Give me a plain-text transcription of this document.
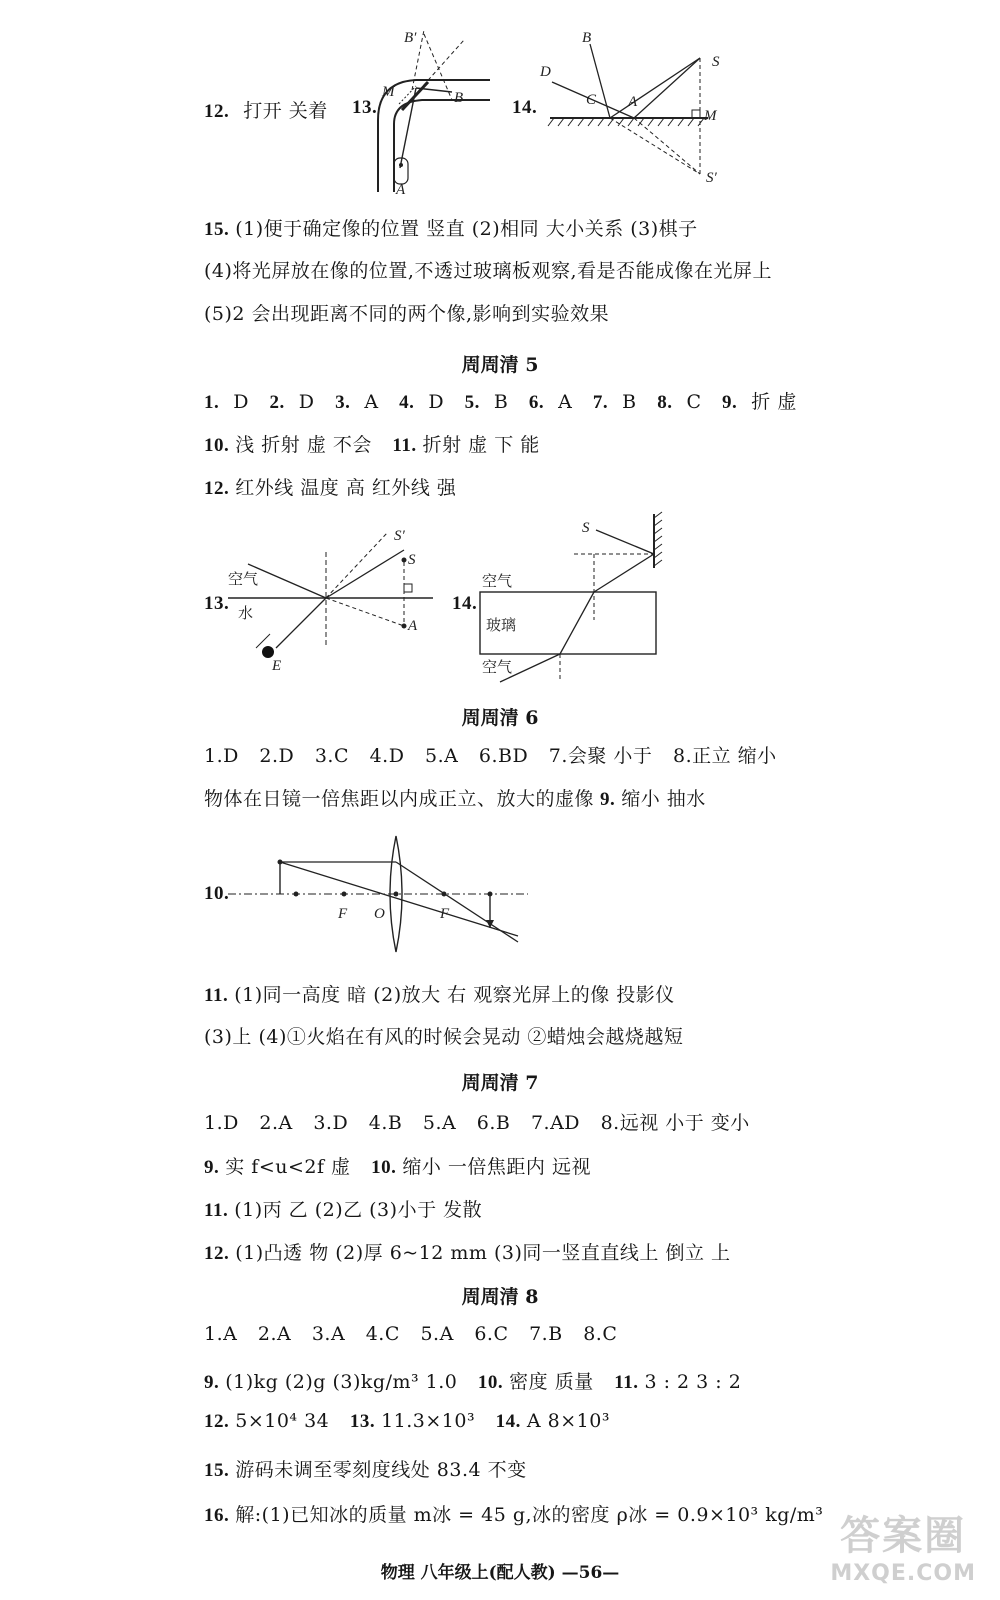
12. 打开 关着	13.
B′
M	B
A
14.
B
D
C A
S
M
S′
15. (1)便于确定像的位置 竖直 (2)相同 大小关系 (3)棋子
(4)将光屏放在像的位置,不透过玻璃板观察,看是否能成像在光屏上
(5)2 会出现距离不同的两个像,影响到实验效果
周周清 5
1. D 2. D 3. A 4. D 5. B 6. A 7. B 8. C 9. 折 虚
10. 浅 折射 虚 不会 11. 折射 虚 下 能
12. 红外线 温度 高 红外线 强
13.
空气
水
S′
S
A
E
14.
S
空气
玻璃
空气
周周清 6
1.D 2.D 3.C 4.D 5.A 6.BD 7.会聚 小于 8.正立 缩小
物体在日镜一倍焦距以内成正立、放大的虚像 9. 缩小 抽水
10.
F O	F
11. (1)同一高度 暗 (2)放大 右 观察光屏上的像 投影仪
(3)上 (4)①火焰在有风的时候会晃动 ②蜡烛会越烧越短
周周清 7
1.D 2.A 3.D 4.B 5.A 6.B 7.AD 8.远视 小于 变小
9. 实 f<u<2f 虚 10. 缩小 一倍焦距内 远视
11. (1)丙 乙 (2)乙 (3)小于 发散
12. (1)凸透 物 (2)厚 6~12 mm (3)同一竖直直线上 倒立 上
周周清 8
1.A 2.A 3.A 4.C 5.A 6.C 7.B 8.C
9. (1)kg (2)g (3)kg/m³ 1.0 10. 密度 质量 11. 3 : 2 3 : 2
12. 5×10⁴ 34 13. 11.3×10³ 14. A 8×10³
15. 游码未调至零刻度线处 83.4 不变
16. 解:(1)已知冰的质量 m冰 = 45 g,冰的密度 ρ冰 = 0.9×10³ kg/m³
物理 八年级上(配人教) —56—
答案圈
MXQE.COM
